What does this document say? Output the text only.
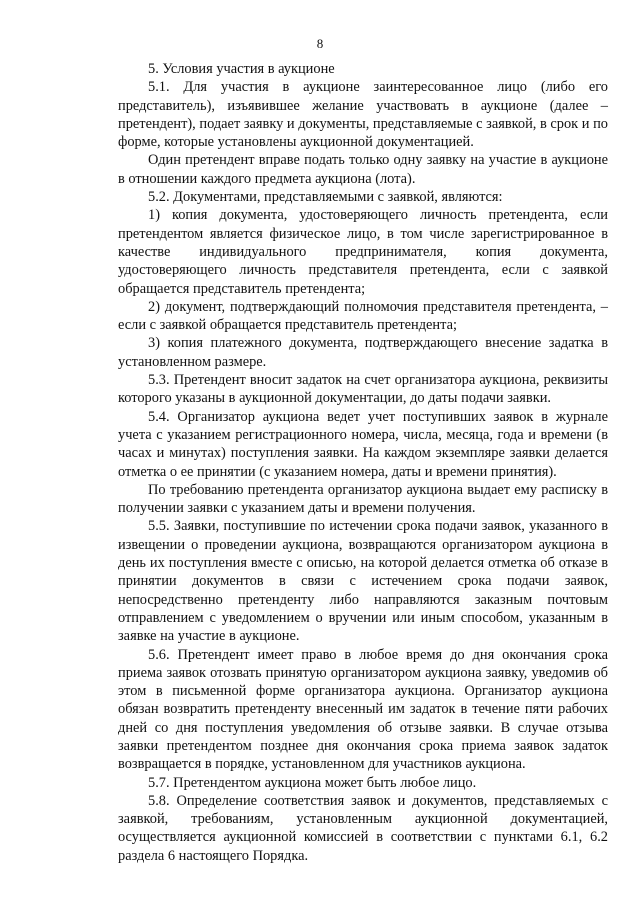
8

5. Условия участия в аукционе

5.1. Для участия в аукционе заинтересованное лицо (либо его представитель), изъявившее желание участвовать в аукционе (далее – претендент), подает заявку и документы, представляемые с заявкой, в срок и по форме, которые установлены аукционной документацией.

Один претендент вправе подать только одну заявку на участие в аукционе в отношении каждого предмета аукциона (лота).

5.2. Документами, представляемыми с заявкой, являются:

1) копия документа, удостоверяющего личность претендента, если претендентом является физическое лицо, в том числе зарегистрированное в качестве индивидуального предпринимателя, копия документа, удостоверяющего личность представителя претендента, если с заявкой обращается представитель претендента;

2) документ, подтверждающий полномочия представителя претендента, – если с заявкой обращается представитель претендента;

3) копия платежного документа, подтверждающего внесение задатка в установленном размере.

5.3. Претендент вносит задаток на счет организатора аукциона, реквизиты которого указаны в аукционной документации, до даты подачи заявки.

5.4. Организатор аукциона ведет учет поступивших заявок в журнале учета с указанием регистрационного номера, числа, месяца, года и времени (в часах и минутах) поступления заявки. На каждом экземпляре заявки делается отметка о ее принятии (с указанием номера, даты и времени принятия).

По требованию претендента организатор аукциона выдает ему расписку в получении заявки с указанием даты и времени получения.

5.5. Заявки, поступившие по истечении срока подачи заявок, указанного в извещении о проведении аукциона, возвращаются организатором аукциона в день их поступления вместе с описью, на которой делается отметка об отказе в принятии документов в связи с истечением срока подачи заявок, непосредственно претенденту либо направляются заказным почтовым отправлением с уведомлением о вручении или иным способом, указанным в заявке на участие в аукционе.

5.6. Претендент имеет право в любое время до дня окончания срока приема заявок отозвать принятую организатором аукциона заявку, уведомив об этом в письменной форме организатора аукциона. Организатор аукциона обязан возвратить претенденту внесенный им задаток в течение пяти рабочих дней со дня поступления уведомления об отзыве заявки. В случае отзыва заявки претендентом позднее дня окончания срока приема заявок задаток возвращается в порядке, установленном для участников аукциона.

5.7. Претендентом аукциона может быть любое лицо.

5.8. Определение соответствия заявок и документов, представляемых с заявкой, требованиям, установленным аукционной документацией, осуществляется аукционной комиссией в соответствии с пунктами 6.1, 6.2 раздела 6 настоящего Порядка.
